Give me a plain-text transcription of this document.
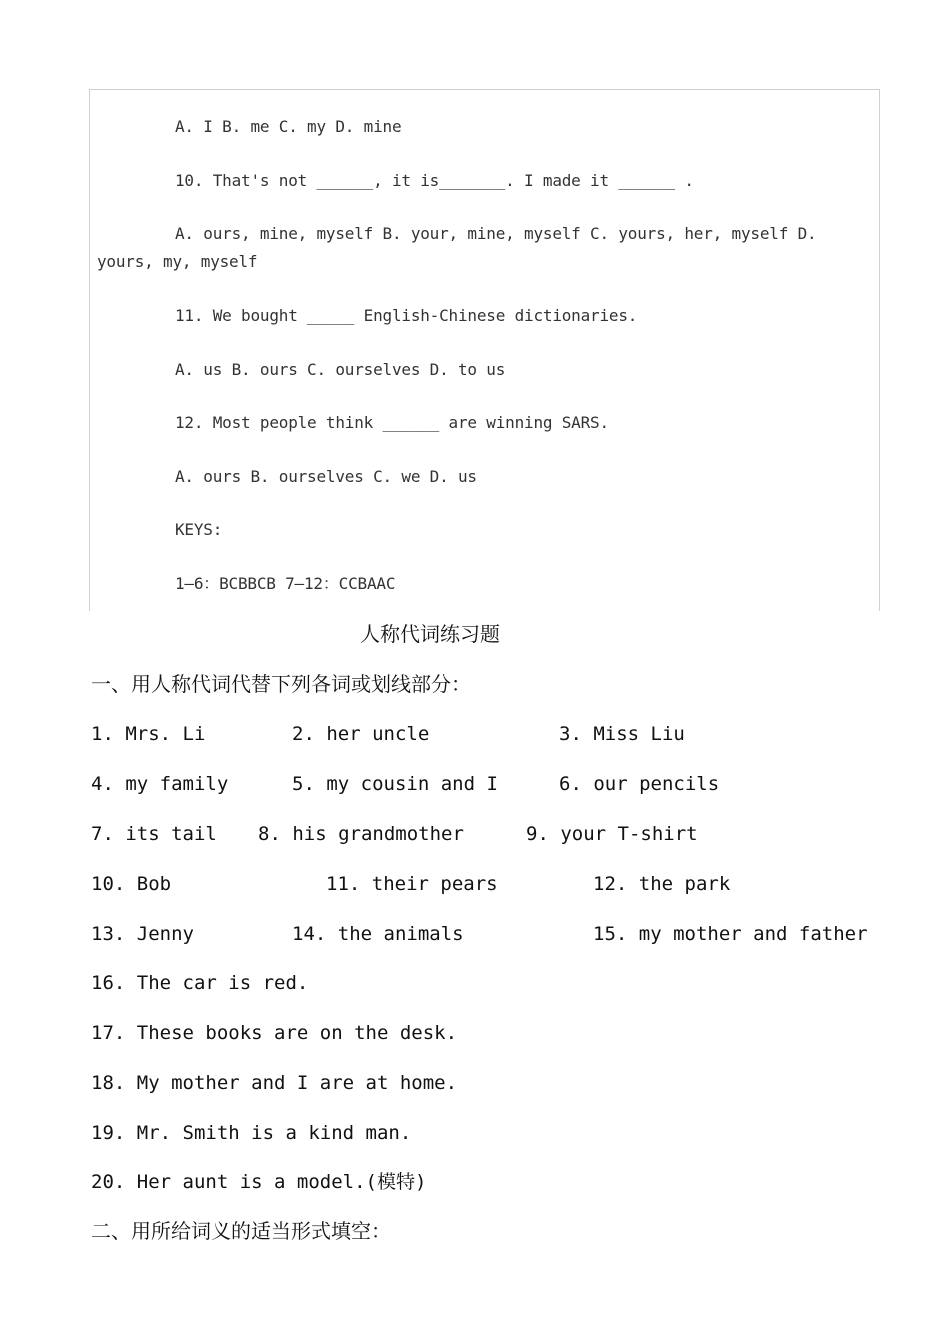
A. I B. me C. my D. mine
10. That's not ______, it is_______. I made it ______ .
A. ours, mine, myself B. your, mine, myself C. yours, her, myself D. yours, my, myself
11. We bought _____ English-Chinese dictionaries.
A. us B. ours C. ourselves D. to us
12. Most people think ______ are winning SARS.
A. ours B. ourselves C. we D. us
KEYS:
1—6：BCBBCB 7—12：CCBAAC
人称代词练习题
一、用人称代词代替下列各词或划线部分：
1. Mrs. Li	2. her uncle	3. Miss Liu
4. my family	5. my cousin and I	6. our pencils
7. its tail 8. his grandmother	9. your T-shirt
10. Bob	11. their pears	12. the park
13. Jenny	14. the animals	15. my mother and father
16. The car is red.
17. These books are on the desk.
18. My mother and I are at home.
19. Mr. Smith is a kind man.
20. Her aunt is a model.(模特)
二、用所给词义的适当形式填空：
